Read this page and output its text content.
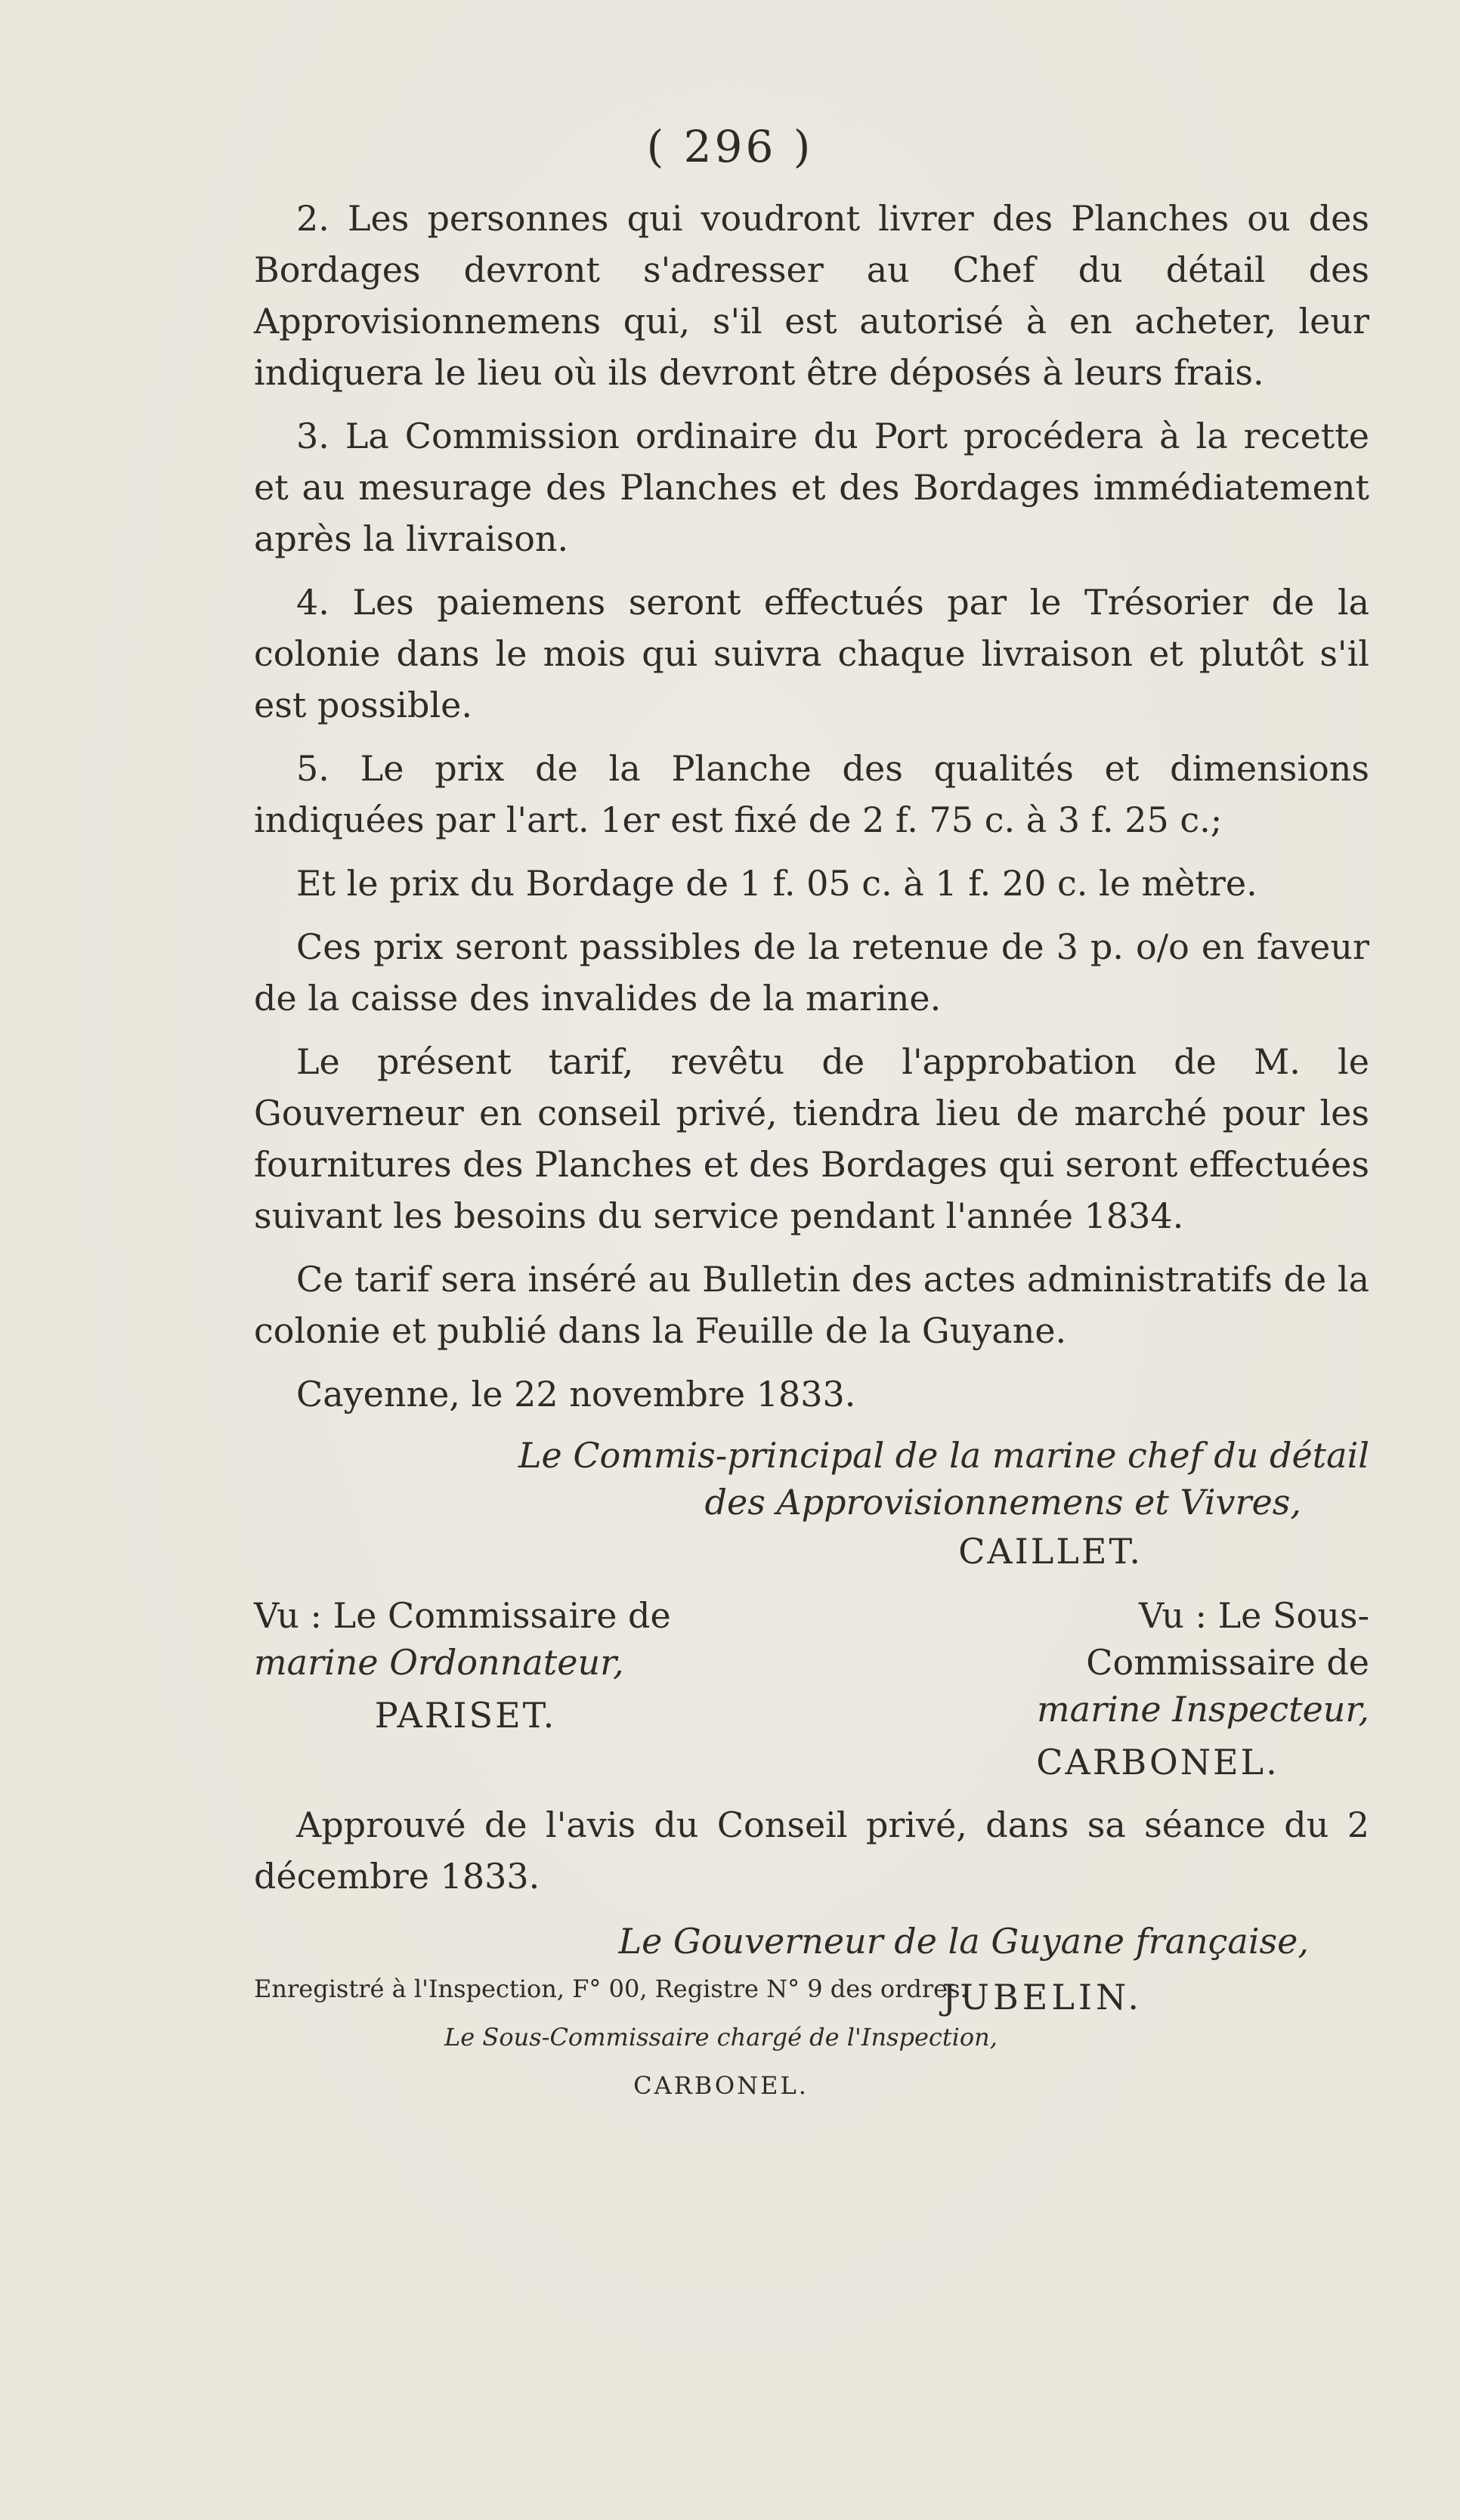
( 296 )

2. Les personnes qui voudront livrer des Planches ou des Bordages devront s'adresser au Chef du détail des Approvisionnemens qui, s'il est autorisé à en acheter, leur indiquera le lieu où ils devront être déposés à leurs frais.

3. La Commission ordinaire du Port procédera à la recette et au mesurage des Planches et des Bordages immédiatement après la livraison.

4. Les paiemens seront effectués par le Trésorier de la colonie dans le mois qui suivra chaque livraison et plutôt s'il est possible.

5. Le prix de la Planche des qualités et dimensions indiquées par l'art. 1er est fixé de 2 f. 75 c. à 3 f. 25 c.;

Et le prix du Bordage de 1 f. 05 c. à 1 f. 20 c. le mètre.

Ces prix seront passibles de la retenue de 3 p. o/o en faveur de la caisse des invalides de la marine.

Le présent tarif, revêtu de l'approbation de M. le Gouverneur en conseil privé, tiendra lieu de marché pour les fournitures des Planches et des Bordages qui seront effectuées suivant les besoins du service pendant l'année 1834.

Ce tarif sera inséré au Bulletin des actes administratifs de la colonie et publié dans la Feuille de la Guyane.

Cayenne, le 22 novembre 1833.

Le Commis-principal de la marine chef du détail

des Approvisionnemens et Vivres,

CAILLET.

Vu : Le Commissaire de
marine Ordonnateur,
PARISET.
Vu : Le Sous-Commissaire de
marine Inspecteur,
CARBONEL.

Approuvé de l'avis du Conseil privé, dans sa séance du 2 décembre 1833.

Le Gouverneur de la Guyane française,

JUBELIN.

Enregistré à l'Inspection, F° 00, Registre N° 9 des ordres.

Le Sous-Commissaire chargé de l'Inspection,

CARBONEL.
